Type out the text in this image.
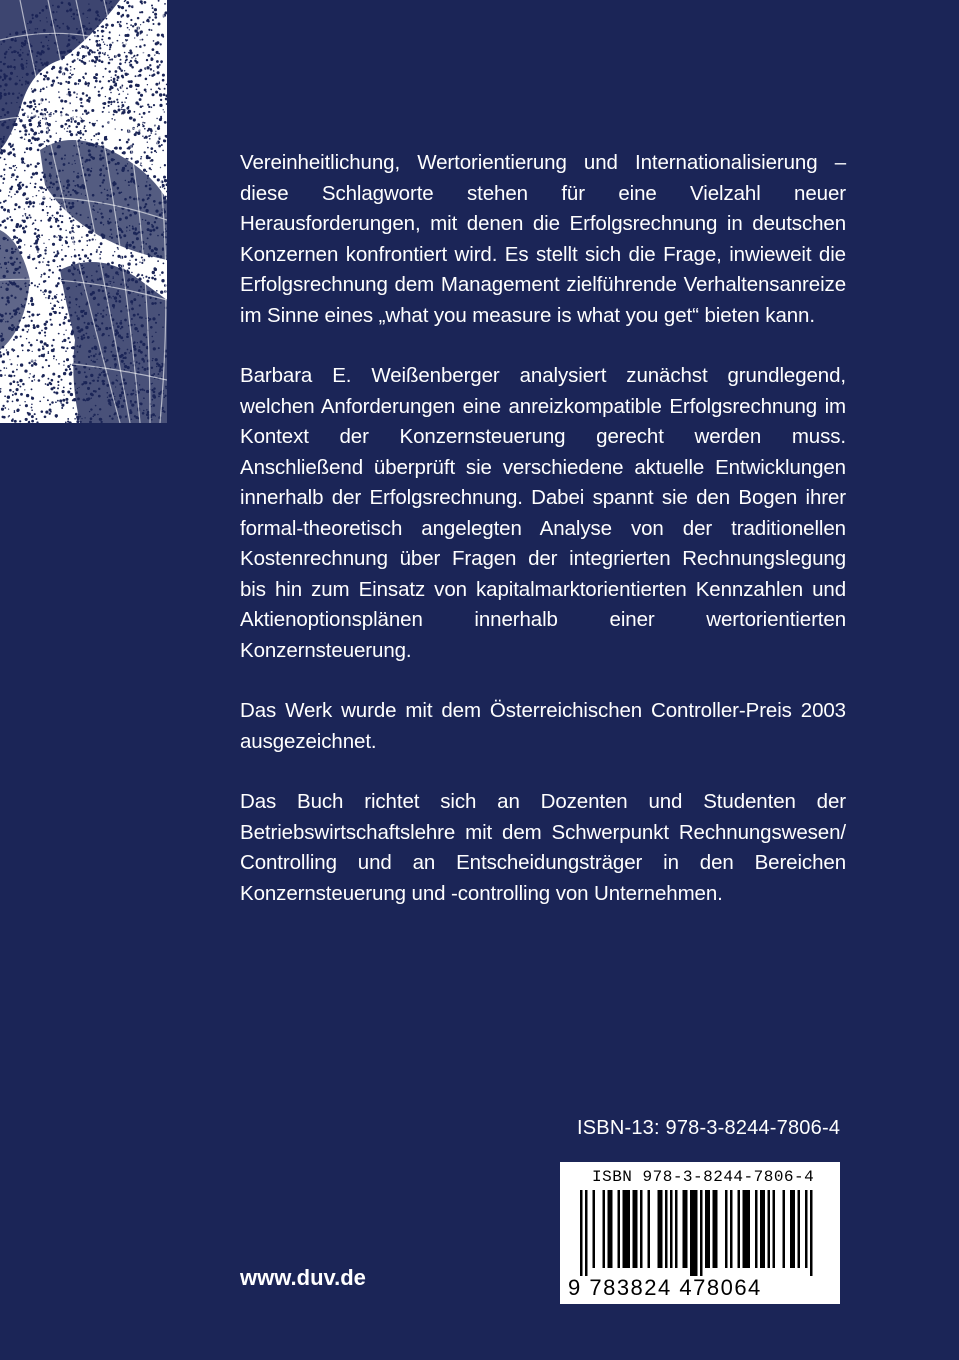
Vereinheitlichung, Wertorientierung und Internationalisierung – diese Schlagworte stehen für eine Vielzahl neuer Herausforderungen, mit denen die Erfolgsrechnung in deutschen Konzernen konfrontiert wird. Es stellt sich die Frage, inwieweit die Erfolgsrechnung dem Management zielführende Verhaltensanreize im Sinne eines „what you measure is what you get“ bieten kann.

Barbara E. Weißenberger analysiert zunächst grundlegend, welchen Anforderungen eine anreizkompatible Erfolgsrechnung im Kontext der Konzernsteuerung gerecht werden muss. Anschließend überprüft sie verschiedene aktuelle Entwicklungen innerhalb der Erfolgsrechnung. Dabei spannt sie den Bogen ihrer formal-theoretisch angelegten Analyse von der traditionellen Kostenrechnung über Fragen der integrierten Rechnungslegung bis hin zum Einsatz von kapitalmarktorientierten Kennzahlen und Aktienoptionsplänen innerhalb einer wertorientierten Konzernsteuerung.

Das Werk wurde mit dem Österreichischen Controller-Preis 2003 ausgezeichnet.

Das Buch richtet sich an Dozenten und Studenten der Betriebswirtschaftslehre mit dem Schwerpunkt Rechnungswesen/ Controlling und an Entscheidungsträger in den Bereichen Konzernsteuerung und -controlling von Unternehmen.

ISBN-13: 978-3-8244-7806-4
ISBN 978-3-8244-7806-4
9 783824 478064
www.duv.de
